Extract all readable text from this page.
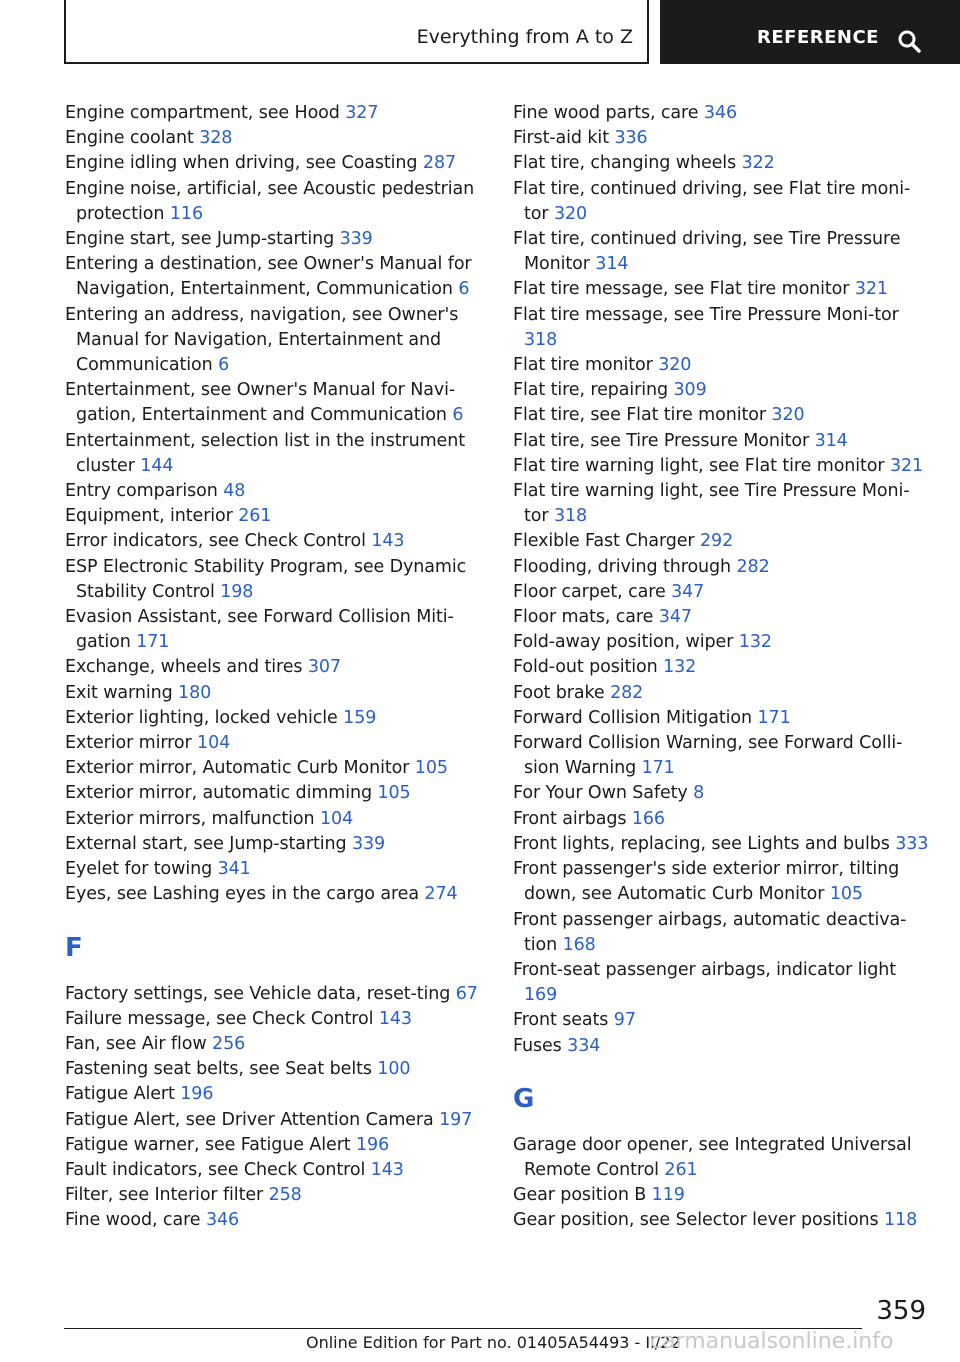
Everything from A to Z	REFERENCE
Engine compartment, see Hood 327
Engine coolant 328
Engine idling when driving, see Coasting 287
Engine noise, artificial, see Acoustic pedestrian protection 116
Engine start, see Jump-starting 339
Entering a destination, see Owner's Manual for Navigation, Entertainment, Communication 6
Entering an address, navigation, see Owner's Manual for Navigation, Entertainment and Communication 6
Entertainment, see Owner's Manual for Navi-gation, Entertainment and Communication 6
Entertainment, selection list in the instrument cluster 144
Entry comparison 48
Equipment, interior 261
Error indicators, see Check Control 143
ESP Electronic Stability Program, see Dynamic Stability Control 198
Evasion Assistant, see Forward Collision Miti-gation 171
Exchange, wheels and tires 307
Exit warning 180
Exterior lighting, locked vehicle 159
Exterior mirror 104
Exterior mirror, Automatic Curb Monitor 105
Exterior mirror, automatic dimming 105
Exterior mirrors, malfunction 104
External start, see Jump-starting 339
Eyelet for towing 341
Eyes, see Lashing eyes in the cargo area 274
F
Factory settings, see Vehicle data, reset-ting 67
Failure message, see Check Control 143
Fan, see Air flow 256
Fastening seat belts, see Seat belts 100
Fatigue Alert 196
Fatigue Alert, see Driver Attention Camera 197
Fatigue warner, see Fatigue Alert 196
Fault indicators, see Check Control 143
Filter, see Interior filter 258
Fine wood, care 346
Fine wood parts, care 346
First-aid kit 336
Flat tire, changing wheels 322
Flat tire, continued driving, see Flat tire moni-tor 320
Flat tire, continued driving, see Tire Pressure Monitor 314
Flat tire message, see Flat tire monitor 321
Flat tire message, see Tire Pressure Moni-tor 318
Flat tire monitor 320
Flat tire, repairing 309
Flat tire, see Flat tire monitor 320
Flat tire, see Tire Pressure Monitor 314
Flat tire warning light, see Flat tire monitor 321
Flat tire warning light, see Tire Pressure Moni-tor 318
Flexible Fast Charger 292
Flooding, driving through 282
Floor carpet, care 347
Floor mats, care 347
Fold-away position, wiper 132
Fold-out position 132
Foot brake 282
Forward Collision Mitigation 171
Forward Collision Warning, see Forward Colli-sion Warning 171
For Your Own Safety 8
Front airbags 166
Front lights, replacing, see Lights and bulbs 333
Front passenger's side exterior mirror, tilting down, see Automatic Curb Monitor 105
Front passenger airbags, automatic deactiva-tion 168
Front-seat passenger airbags, indicator light 169
Front seats 97
Fuses 334
G
Garage door opener, see Integrated Universal Remote Control 261
Gear position B 119
Gear position, see Selector lever positions 118
359
Online Edition for Part no. 01405A54493 - II/22
carmanualsonline.info
